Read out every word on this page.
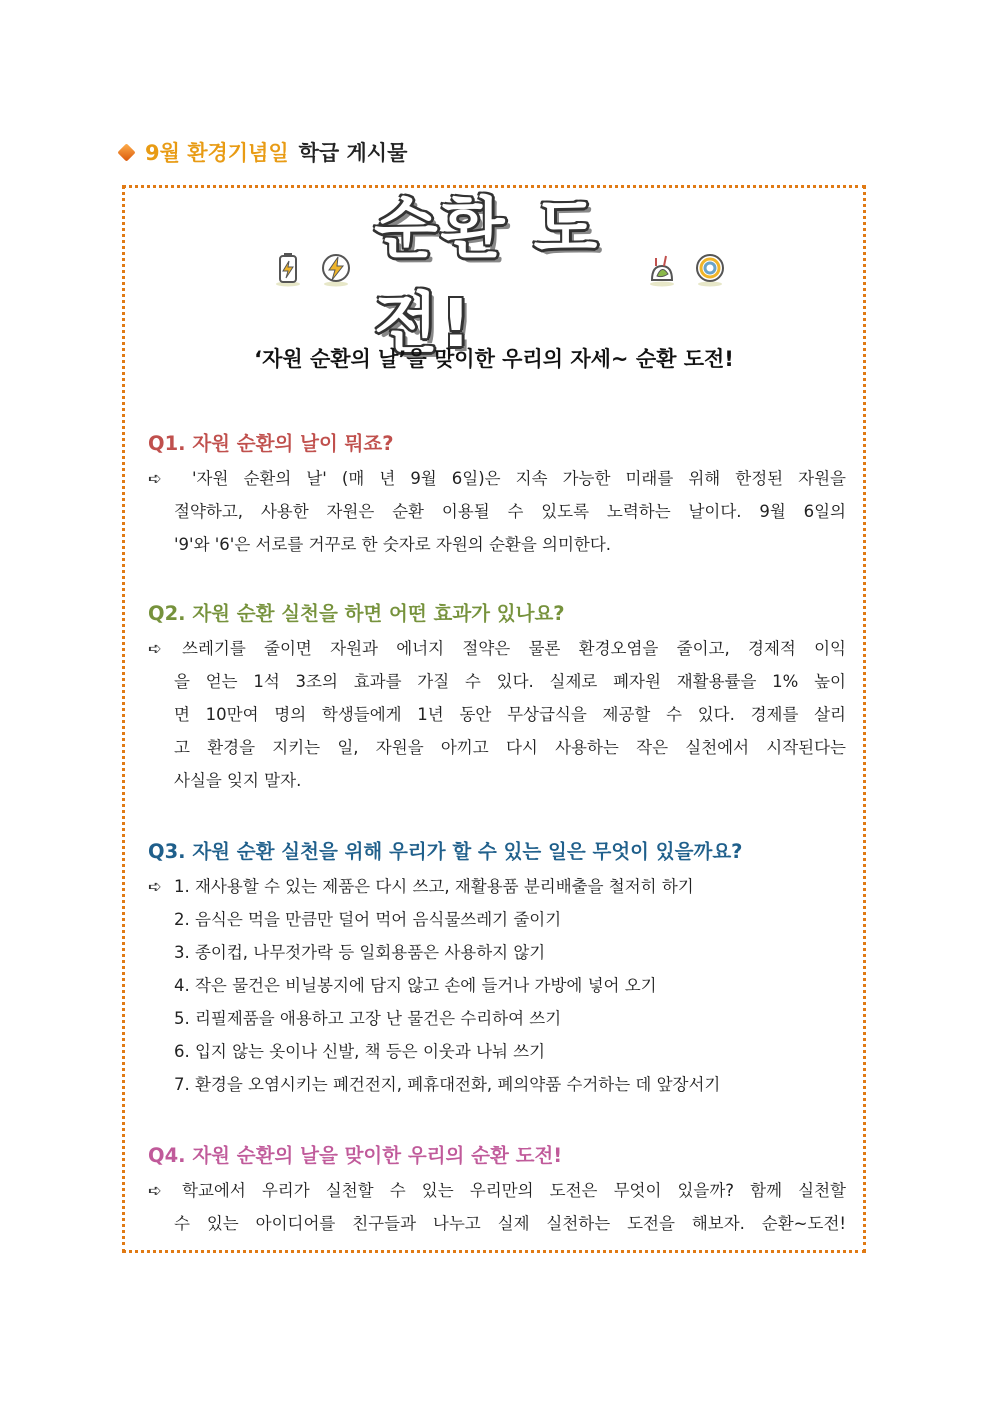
9월 환경기념일 학급 게시물
순환 도전!
‘자원 순환의 날’을 맞이한 우리의 자세~ 순환 도전!
Q1. 자원 순환의 날이 뭐죠?
➪	'자원 순환의 날' (매 년 9월 6일)은 지속 가능한 미래를 위해 한정된 자원을
절약하고, 사용한 자원은 순환 이용될 수 있도록 노력하는 날이다. 9월 6일의
'9'와 '6'은 서로를 거꾸로 한 숫자로 자원의 순환을 의미한다.
Q2. 자원 순환 실천을 하면 어떤 효과가 있나요?
➪	쓰레기를 줄이면 자원과 에너지 절약은 물론 환경오염을 줄이고, 경제적 이익
을 얻는 1석 3조의 효과를 가질 수 있다. 실제로 폐자원 재활용률을 1% 높이
면 10만여 명의 학생들에게 1년 동안 무상급식을 제공할 수 있다. 경제를 살리
고 환경을 지키는 일, 자원을 아끼고 다시 사용하는 작은 실천에서 시작된다는
사실을 잊지 말자.
Q3. 자원 순환 실천을 위해 우리가 할 수 있는 일은 무엇이 있을까요?
➪ 1. 재사용할 수 있는 제품은 다시 쓰고, 재활용품 분리배출을 철저히 하기
2. 음식은 먹을 만큼만 덜어 먹어 음식물쓰레기 줄이기
3. 종이컵, 나무젓가락 등 일회용품은 사용하지 않기
4. 작은 물건은 비닐봉지에 담지 않고 손에 들거나 가방에 넣어 오기
5. 리필제품을 애용하고 고장 난 물건은 수리하여 쓰기
6. 입지 않는 옷이나 신발, 책 등은 이웃과 나눠 쓰기
7. 환경을 오염시키는 폐건전지, 폐휴대전화, 폐의약품 수거하는 데 앞장서기
Q4. 자원 순환의 날을 맞이한 우리의 순환 도전!
➪	학교에서 우리가 실천할 수 있는 우리만의 도전은 무엇이 있을까? 함께 실천할
수 있는 아이디어를 친구들과 나누고 실제 실천하는 도전을 해보자. 순환~도전!
